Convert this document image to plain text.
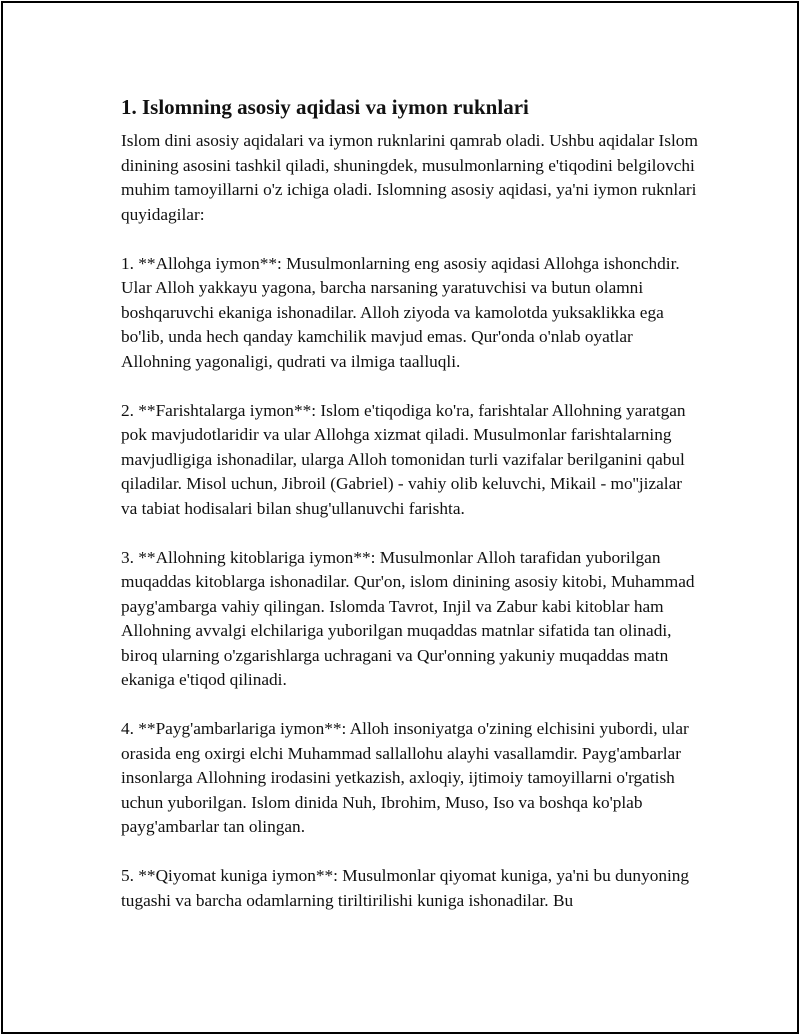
1. Islomning asosiy aqidasi va iymon ruknlari

Islom dini asosiy aqidalari va iymon ruknlarini qamrab oladi. Ushbu aqidalar Islom dinining asosini tashkil qiladi, shuningdek, musulmonlarning e'tiqodini belgilovchi muhim tamoyillarni o'z ichiga oladi. Islomning asosiy aqidasi, ya'ni iymon ruknlari quyidagilar:

1. **Allohga iymon**: Musulmonlarning eng asosiy aqidasi Allohga ishonchdir. Ular Alloh yakkayu yagona, barcha narsaning yaratuvchisi va butun olamni boshqaruvchi ekaniga ishonadilar. Alloh ziyoda va kamolotda yuksaklikka ega bo'lib, unda hech qanday kamchilik mavjud emas. Qur'onda o'nlab oyatlar Allohning yagonaligi, qudrati va ilmiga taalluqli.

2. **Farishtalarga iymon**: Islom e'tiqodiga ko'ra, farishtalar Allohning yaratgan pok mavjudotlaridir va ular Allohga xizmat qiladi. Musulmonlar farishtalarning mavjudligiga ishonadilar, ularga Alloh tomonidan turli vazifalar berilganini qabul qiladilar. Misol uchun, Jibroil (Gabriel) - vahiy olib keluvchi, Mikail - mo''jizalar va tabiat hodisalari bilan shug'ullanuvchi farishta.

3. **Allohning kitoblariga iymon**: Musulmonlar Alloh tarafidan yuborilgan muqaddas kitoblarga ishonadilar. Qur'on, islom dinining asosiy kitobi, Muhammad payg'ambarga vahiy qilingan. Islomda Tavrot, Injil va Zabur kabi kitoblar ham Allohning avvalgi elchilariga yuborilgan muqaddas matnlar sifatida tan olinadi, biroq ularning o'zgarishlarga uchragani va Qur'onning yakuniy muqaddas matn ekaniga e'tiqod qilinadi.

4. **Payg'ambarlariga iymon**: Alloh insoniyatga o'zining elchisini yubordi, ular orasida eng oxirgi elchi Muhammad sallallohu alayhi vasallamdir. Payg'ambarlar insonlarga Allohning irodasini yetkazish, axloqiy, ijtimoiy tamoyillarni o'rgatish uchun yuborilgan. Islom dinida Nuh, Ibrohim, Muso, Iso va boshqa ko'plab payg'ambarlar tan olingan.

5. **Qiyomat kuniga iymon**: Musulmonlar qiyomat kuniga, ya'ni bu dunyoning tugashi va barcha odamlarning tiriltirilishi kuniga ishonadilar. Bu
